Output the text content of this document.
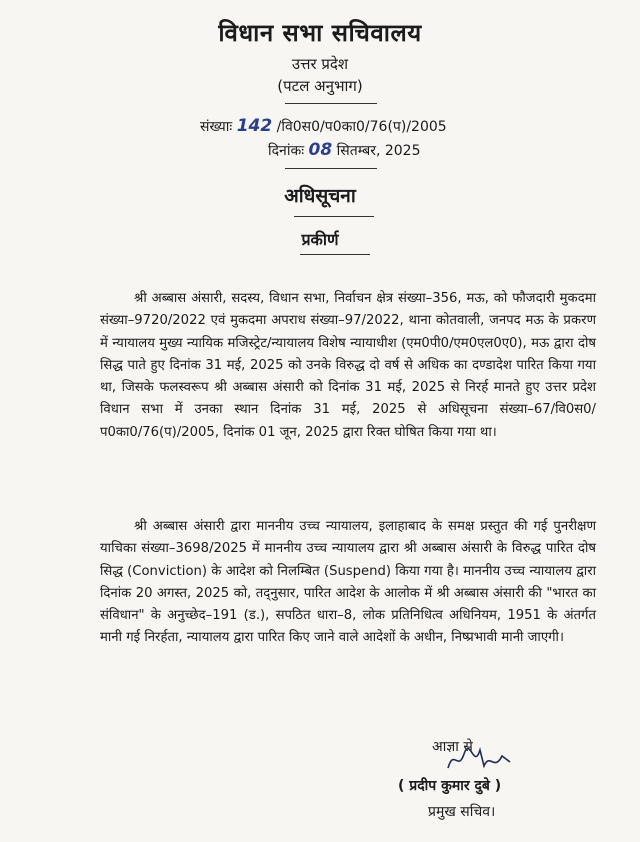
विधान सभा सचिवालय
उत्तर प्रदेश
(पटल अनुभाग)
संख्याः 142 /वि0स0/प0का0/76(प)/2005
दिनांकः 08 सितम्बर, 2025
अधिसूचना
प्रकीर्ण

श्री अब्बास अंसारी, सदस्य, विधान सभा, निर्वाचन क्षेत्र संख्या–356, मऊ, को फौजदारी मुकदमा संख्या–9720/2022 एवं मुकदमा अपराध संख्या–97/2022, थाना कोतवाली, जनपद मऊ के प्रकरण में न्यायालय मुख्य न्यायिक मजिस्ट्रेट/न्यायालय विशेष न्यायाधीश (एम0पी0/एम0एल0ए0), मऊ द्वारा दोष सिद्ध पाते हुए दिनांक 31 मई, 2025 को उनके विरुद्ध दो वर्ष से अधिक का दण्डादेश पारित किया गया था, जिसके फलस्वरूप श्री अब्बास अंसारी को दिनांक 31 मई, 2025 से निरर्ह मानते हुए उत्तर प्रदेश विधान सभा में उनका स्थान दिनांक 31 मई, 2025 से अधिसूचना संख्या–67/वि0स0/प0का0/76(प)/2005, दिनांक 01 जून, 2025 द्वारा रिक्त घोषित किया गया था।

श्री अब्बास अंसारी द्वारा माननीय उच्च न्यायालय, इलाहाबाद के समक्ष प्रस्तुत की गई पुनरीक्षण याचिका संख्या–3698/2025 में माननीय उच्च न्यायालय द्वारा श्री अब्बास अंसारी के विरुद्ध पारित दोष सिद्ध (Conviction) के आदेश को निलम्बित (Suspend) किया गया है। माननीय उच्च न्यायालय द्वारा दिनांक 20 अगस्त, 2025 को, तद्नुसार, पारित आदेश के आलोक में श्री अब्बास अंसारी की "भारत का संविधान" के अनुच्छेद–191 (ड.), सपठित धारा–8, लोक प्रतिनिधित्व अधिनियम, 1951 के अंतर्गत मानी गई निरर्हता, न्यायालय द्वारा पारित किए जाने वाले आदेशों के अधीन, निष्प्रभावी मानी जाएगी।

आज्ञा से
( प्रदीप कुमार दुबे )
प्रमुख सचिव।
